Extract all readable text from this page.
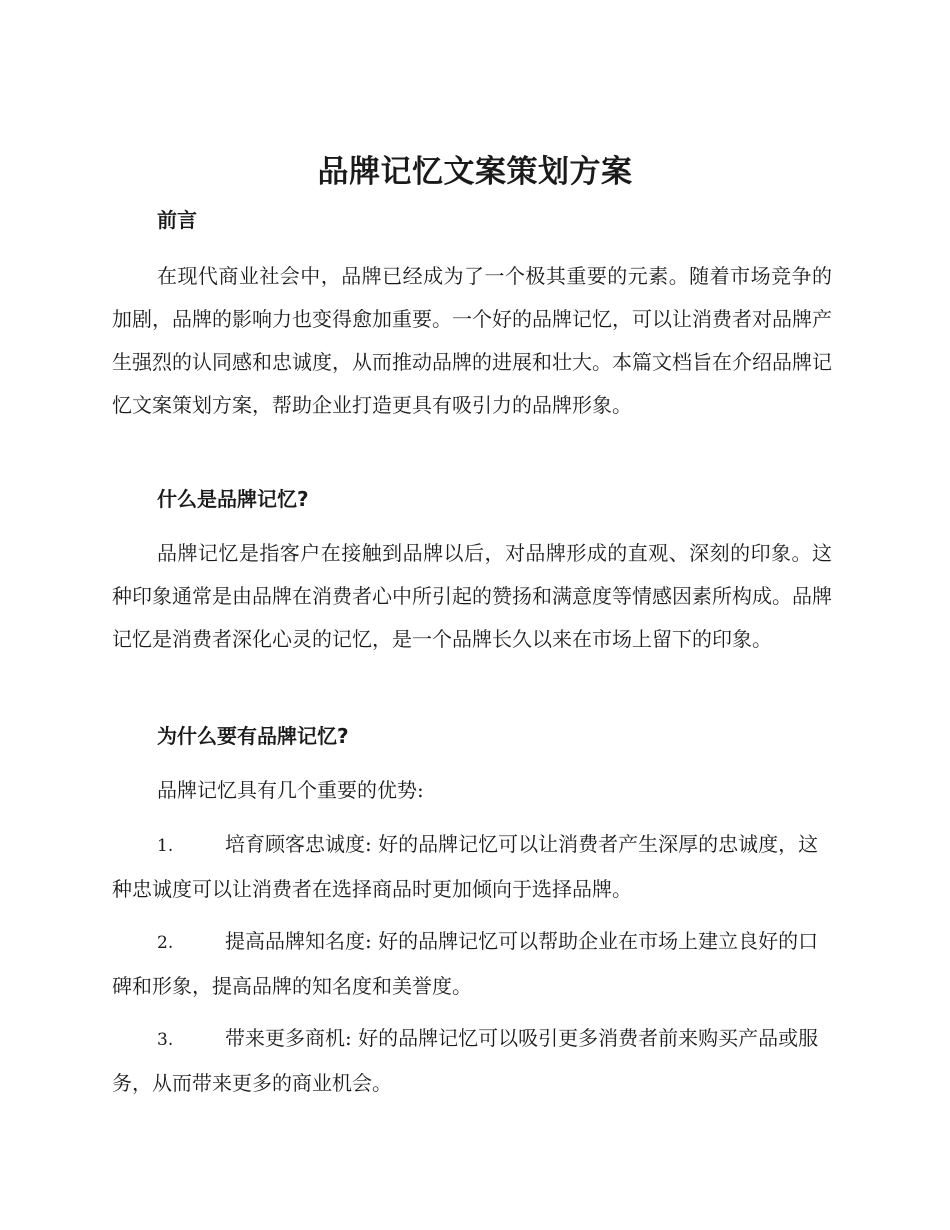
品牌记忆文案策划方案
前言

在现代商业社会中，品牌已经成为了一个极其重要的元素。随着市场竞争的加剧，品牌的影响力也变得愈加重要。一个好的品牌记忆，可以让消费者对品牌产生强烈的认同感和忠诚度，从而推动品牌的进展和壮大。本篇文档旨在介绍品牌记忆文案策划方案，帮助企业打造更具有吸引力的品牌形象。

什么是品牌记忆?

品牌记忆是指客户在接触到品牌以后，对品牌形成的直观、深刻的印象。这种印象通常是由品牌在消费者心中所引起的赞扬和满意度等情感因素所构成。品牌记忆是消费者深化心灵的记忆，是一个品牌长久以来在市场上留下的印象。

为什么要有品牌记忆?

品牌记忆具有几个重要的优势:

1.	培育顾客忠诚度: 好的品牌记忆可以让消费者产生深厚的忠诚度，这种忠诚度可以让消费者在选择商品时更加倾向于选择品牌。

2.	提高品牌知名度: 好的品牌记忆可以帮助企业在市场上建立良好的口碑和形象，提高品牌的知名度和美誉度。

3.	带来更多商机: 好的品牌记忆可以吸引更多消费者前来购买产品或服务，从而带来更多的商业机会。
